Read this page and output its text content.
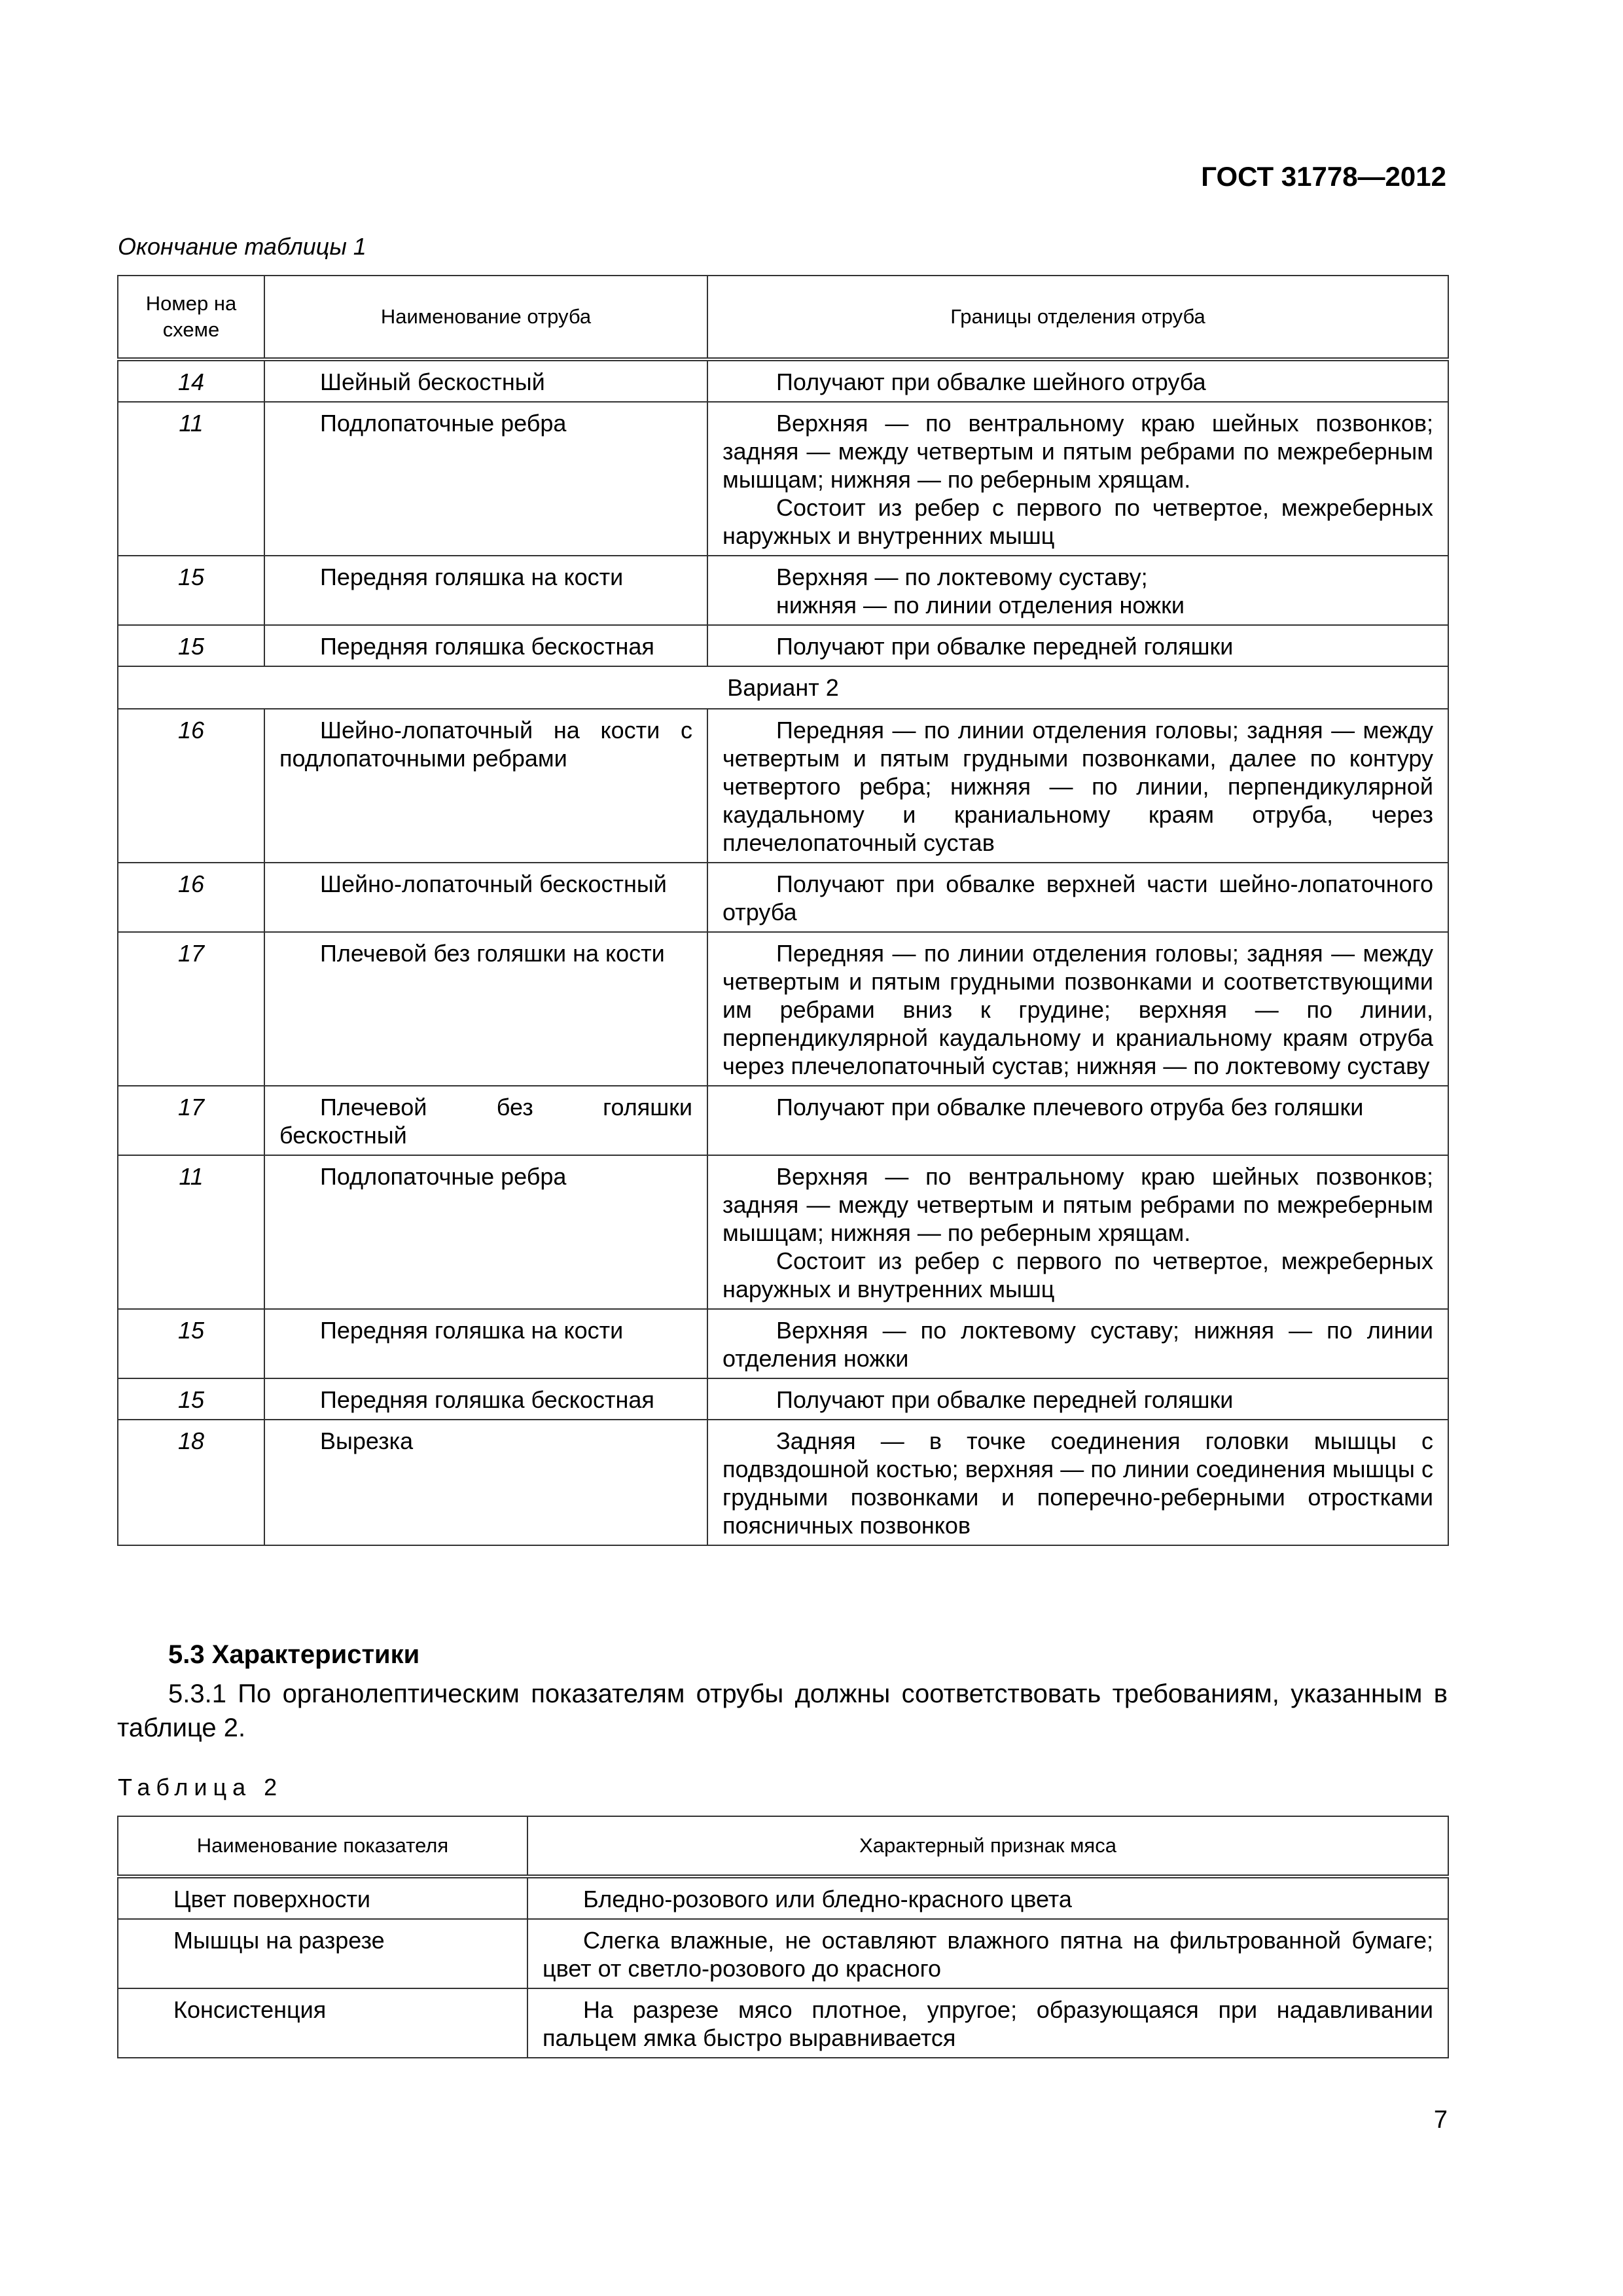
ГОСТ 31778—2012
Окончание таблицы 1
Номер на схеме	Наименование отруба	Границы отделения отруба
14	Шейный бескостный	Получают при обвалке шейного отруба

11	Подлопаточные ребра	Верхняя — по вентральному краю шейных позвонков; задняя — между четвертым и пятым ребрами по межреберным мышцам; нижняя — по реберным хрящам.

Состоит из ребер с первого по четвертое, межреберных наружных и внутренних мышц

15	Передняя голяшка на кости	Верхняя — по локтевому суставу;

нижняя — по линии отделения ножки

15	Передняя голяшка бескостная	Получают при обвалке передней голяшки

Вариант 2		
16	Шейно-лопаточный на кости с подлопаточными ребрами	Передняя — по линии отделения головы; задняя — между четвертым и пятым грудными позвонками, далее по контуру четвертого ребра; нижняя — по линии, перпендикулярной каудальному и краниальному краям отруба, через плечелопаточный сустав

16	Шейно-лопаточный бескостный	Получают при обвалке верхней части шейно-лопаточного отруба

17	Плечевой без голяшки на кости	Передняя — по линии отделения головы; задняя — между четвертым и пятым грудными позвонками и соответствующими им ребрами вниз к грудине; верхняя — по линии, перпендикулярной каудальному и краниальному краям отруба через плечелопаточный сустав; нижняя — по локтевому суставу

17	Плечевой без голяшки бескостный	Получают при обвалке плечевого отруба без голяшки

11	Подлопаточные ребра	Верхняя — по вентральному краю шейных позвонков; задняя — между четвертым и пятым ребрами по межреберным мышцам; нижняя — по реберным хрящам.

Состоит из ребер с первого по четвертое, межреберных наружных и внутренних мышц

15	Передняя голяшка на кости	Верхняя — по локтевому суставу; нижняя — по линии отделения ножки

15	Передняя голяшка бескостная	Получают при обвалке передней голяшки

18	Вырезка	Задняя — в точке соединения головки мышцы с подвздошной костью; верхняя — по линии соединения мышцы с грудными позвонками и поперечно-реберными отростками поясничных позвонков

5.3 Характеристики
5.3.1 По органолептическим показателям отрубы должны соответствовать требованиям, указанным в таблице 2.
Таблица 2
Наименование показателя	Характерный признак мяса
Цвет поверхности	Бледно-розового или бледно-красного цвета
Мышцы на разрезе	Слегка влажные, не оставляют влажного пятна на фильтрованной бумаге; цвет от светло-розового до красного
Консистенция	На разрезе мясо плотное, упругое; образующаяся при надавливании пальцем ямка быстро выравнивается
7
